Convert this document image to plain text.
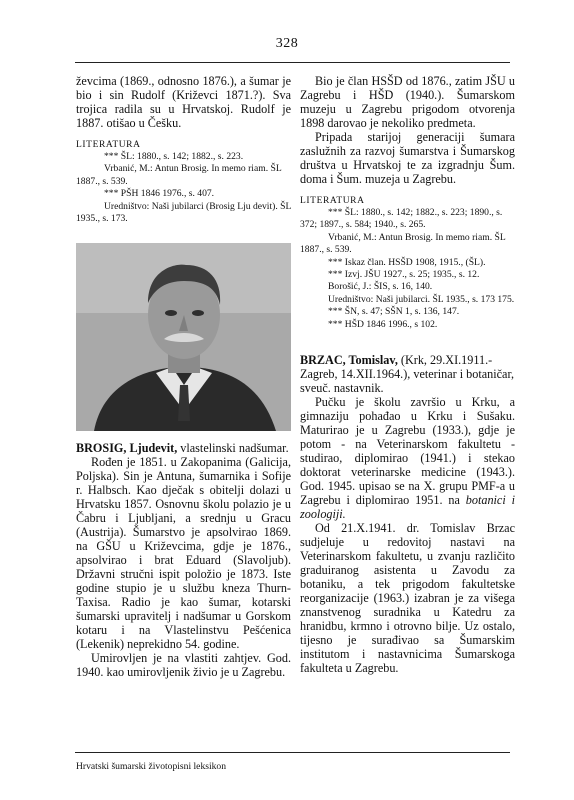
328

ževcima (1869., odnosno 1876.), a šumar je bio i sin Rudolf (Križevci 1871.?). Sva trojica radila su u Hrvatskoj. Rudolf je 1887. otišao u Češku.

LITERATURA

*** ŠL: 1880., s. 142; 1882., s. 223.

Vrbanić, M.: Antun Brosig. In memo riam. ŠL 1887., s. 539.

*** PŠH 1846 1976., s. 407.

Uredništvo: Naši jubilarci (Brosig Lju devit). ŠL 1935., s. 173.

BROSIG, Ljudevit, vlastelinski nadšumar.

Rođen je 1851. u Zakopanima (Galicija, Poljska). Sin je Antuna, šumarnika i Sofije r. Halbsch. Kao dječak s obitelji dolazi u Hrvatsku 1857. Osnovnu školu polazio je u Čabru i Ljubljani, a srednju u Gracu (Austrija). Šumarstvo je apsolvirao 1869. na GŠU u Križevcima, gdje je 1876., apsolvirao i brat Eduard (Slavoljub). Državni stručni ispit položio je 1873. Iste godine stupio je u službu kneza Thurn-Taxisa. Radio je kao šumar, kotarski šumarski upravitelj i nadšumar u Gorskom kotaru i na Vlastelinstvu Pešćenica (Lekenik) neprekidno 54. godine.

Umirovljen je na vlastiti zahtjev. God. 1940. kao umirovljenik živio je u Zagrebu.

Bio je član HSŠD od 1876., zatim JŠU u Zagrebu i HŠD (1940.). Šumarskom muzeju u Zagrebu prigodom otvorenja 1898 darovao je nekoliko predmeta.

Pripada starijoj generaciji šumara zaslužnih za razvoj šumarstva i Šumarskog društva u Hrvatskoj te za izgradnju Šum. doma i Šum. muzeja u Zagrebu.

LITERATURA

*** ŠL: 1880., s. 142; 1882., s. 223; 1890., s. 372; 1897., s. 584; 1940., s. 265.

Vrbanić, M.: Antun Brosig. In memo riam. ŠL 1887., s. 539.

*** Iskaz član. HSŠD 1908, 1915., (ŠL).

*** Izvj. JŠU 1927., s. 25; 1935., s. 12.

Borošić, J.: ŠIS, s. 16, 140.

Uredništvo: Naši jubilarci. ŠL 1935., s. 173 175.

*** ŠN, s. 47; SŠN 1, s. 136, 147.

*** HŠD 1846 1996., s 102.

BRZAC, Tomislav, (Krk, 29.XI.1911.-Zagreb, 14.XII.1964.), veterinar i botaničar, sveuč. nastavnik.

Pučku je školu završio u Krku, a gimnaziju pohađao u Krku i Sušaku. Maturirao je u Zagrebu (1933.), gdje je potom - na Veterinarskom fakultetu - studirao, diplomirao (1941.) i stekao doktorat veterinarske medicine (1943.). God. 1945. upisao se na X. grupu PMF-a u Zagrebu i diplomirao 1951. na botanici i zoologiji.

Od 21.X.1941. dr. Tomislav Brzac sudjeluje u redovitoj nastavi na Veterinarskom fakultetu, u zvanju različito graduiranog asistenta u Zavodu za botaniku, a tek prigodom fakultetske reorganizacije (1963.) izabran je za višega znanstvenog suradnika u Katedru za hranidbu, krmno i otrovno bilje. Uz ostalo, tijesno je surađivao sa Šumarskim institutom i nastavnicima Šumarskoga fakulteta u Zagrebu.

Hrvatski šumarski životopisni leksikon
